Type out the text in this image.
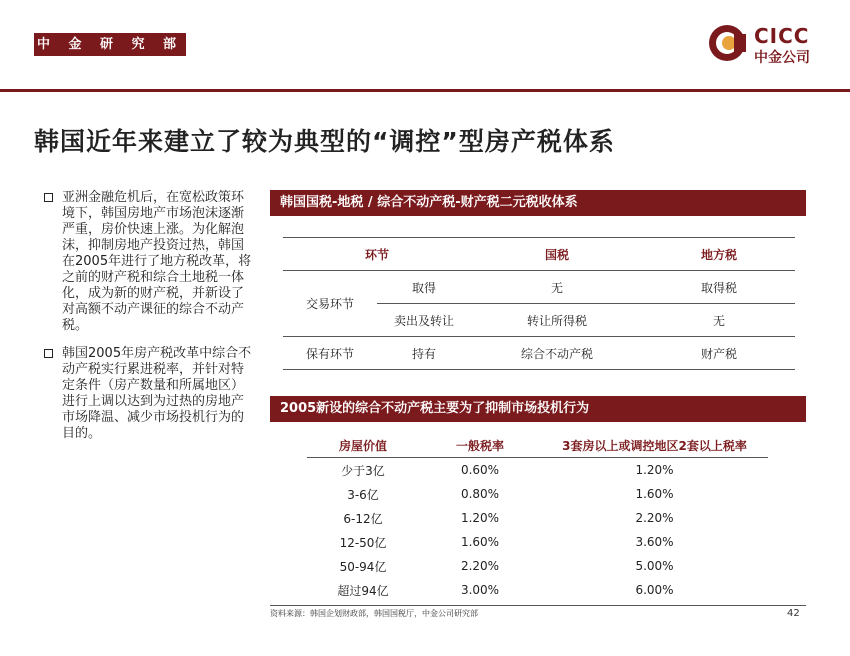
中 金 研 究 部	CICC
中金公司
韩国近年来建立了较为典型的“调控”型房产税体系
亚洲金融危机后，在宽松政策环境下，韩国房地产市场泡沫逐渐严重，房价快速上涨。为化解泡沫，抑制房地产投资过热，韩国在2005年进行了地方税改革，将之前的财产税和综合土地税一体化，成为新的财产税，并新设了对高额不动产课征的综合不动产税。
韩国2005年房产税改革中综合不动产税实行累进税率，并针对特定条件（房产数量和所属地区）进行上调以达到为过热的房地产市场降温、减少市场投机行为的目的。
韩国国税-地税 / 综合不动产税-财产税二元税收体系
环节		国税	地方税
交易环节	取得	无	取得税
	卖出及转让	转让所得税	无
保有环节	持有	综合不动产税	财产税
2005新设的综合不动产税主要为了抑制市场投机行为
房屋价值	一般税率	3套房以上或调控地区2套以上税率
少于3亿	0.60%	1.20%
3-6亿	0.80%	1.60%
6-12亿	1.20%	2.20%
12-50亿	1.60%	3.60%
50-94亿	2.20%	5.00%
超过94亿	3.00%	6.00%
资料来源：韩国企划财政部，韩国国税厅，中金公司研究部	42
